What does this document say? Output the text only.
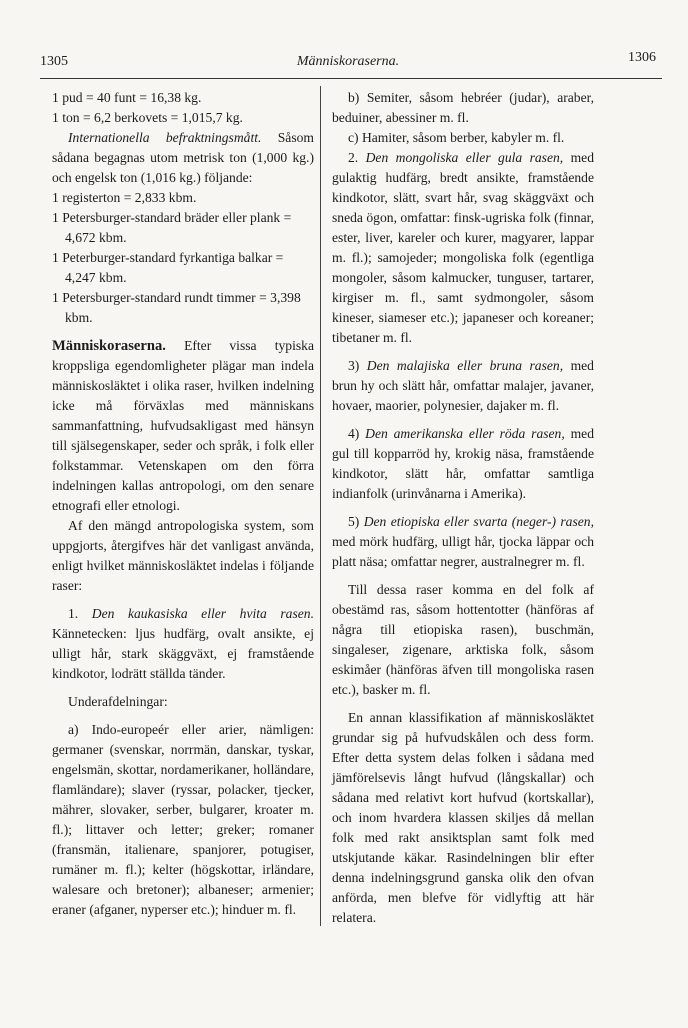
1305	Människoraserna.	1306

1 pud = 40 funt = 16,38 kg.

1 ton = 6,2 berkovets = 1,015,7 kg.

Internationella befraktningsmått. Såsom sådana begagnas utom metrisk ton (1,000 kg.) och engelsk ton (1,016 kg.) följande:

1 registerton = 2,833 kbm.

1 Petersburger-standard bräder eller plank = 4,672 kbm.

1 Peterburger-standard fyrkantiga balkar = 4,247 kbm.

1 Petersburger-standard rundt timmer = 3,398 kbm.

Människoraserna. Efter vissa typiska kroppsliga egendomligheter plägar man indela människosläktet i olika raser, hvilken indelning icke må förväxlas med människans sammanfattning, hufvudsakligast med hänsyn till själsegenskaper, seder och språk, i folk eller folkstammar. Vetenskapen om den förra indelningen kallas antropologi, om den senare etnografi eller etnologi.

Af den mängd antropologiska system, som uppgjorts, återgifves här det vanligast använda, enligt hvilket människosläktet indelas i följande raser:

1. Den kaukasiska eller hvita rasen. Kännetecken: ljus hudfärg, ovalt ansikte, ej ulligt hår, stark skäggväxt, ej framstående kindkotor, lodrätt ställda tänder.

Underafdelningar:

a) Indo-europeér eller arier, nämligen: germaner (svenskar, norrmän, danskar, tyskar, engelsmän, skottar, nordamerikaner, holländare, flamländare); slaver (ryssar, polacker, tjecker, mährer, slovaker, serber, bulgarer, kroater m. fl.); littaver och letter; greker; romaner (fransmän, italienare, spanjorer, potugiser, rumäner m. fl.); kelter (högskottar, irländare, walesare och bretoner); albaneser; armenier; eraner (afganer, nyperser etc.); hinduer m. fl.

b) Semiter, såsom hebréer (judar), araber, beduiner, abessiner m. fl.

c) Hamiter, såsom berber, kabyler m. fl.

2. Den mongoliska eller gula rasen, med gulaktig hudfärg, bredt ansikte, framstående kindkotor, slätt, svart hår, svag skäggväxt och sneda ögon, omfattar: finsk-ugriska folk (finnar, ester, liver, kareler och kurer, magyarer, lappar m. fl.); samojeder; mongoliska folk (egentliga mongoler, såsom kalmucker, tunguser, tartarer, kirgiser m. fl., samt sydmongoler, såsom kineser, siameser etc.); japaneser och koreaner; tibetaner m. fl.

3) Den malajiska eller bruna rasen, med brun hy och slätt hår, omfattar malajer, javaner, hovaer, maorier, polynesier, dajaker m. fl.

4) Den amerikanska eller röda rasen, med gul till kopparröd hy, krokig näsa, framstående kindkotor, slätt hår, omfattar samtliga indianfolk (urinvånarna i Amerika).

5) Den etiopiska eller svarta (neger-) rasen, med mörk hudfärg, ulligt hår, tjocka läppar och platt näsa; omfattar negrer, australnegrer m. fl.

Till dessa raser komma en del folk af obestämd ras, såsom hottentotter (hänföras af några till etiopiska rasen), buschmän, singaleser, zigenare, arktiska folk, såsom eskimåer (hänföras äfven till mongoliska rasen etc.), basker m. fl.

En annan klassifikation af människosläktet grundar sig på hufvudskålen och dess form. Efter detta system delas folken i sådana med jämförelsevis långt hufvud (långskallar) och sådana med relativt kort hufvud (kortskallar), och inom hvardera klassen skiljes då mellan folk med rakt ansiktsplan samt folk med utskjutande käkar. Rasindelningen blir efter denna indelningsgrund ganska olik den ofvan anförda, men blefve för vidlyftig att här relatera.
